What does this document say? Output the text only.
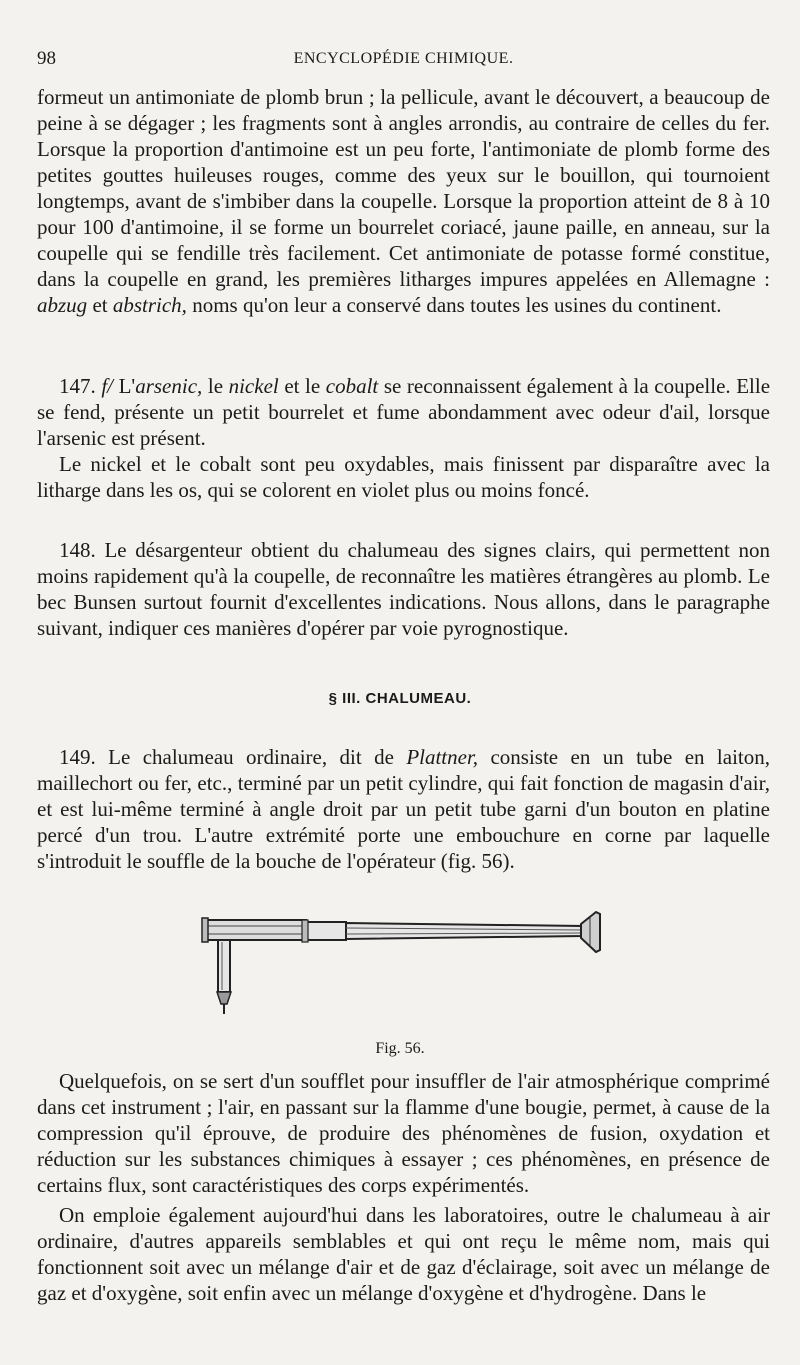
98	ENCYCLOPÉDIE CHIMIQUE.

formeut un antimoniate de plomb brun ; la pellicule, avant le découvert, a beaucoup de peine à se dégager ; les fragments sont à angles arrondis, au contraire de celles du fer. Lorsque la proportion d'antimoine est un peu forte, l'antimoniate de plomb forme des petites gouttes huileuses rouges, comme des yeux sur le bouillon, qui tournoient longtemps, avant de s'imbiber dans la coupelle. Lorsque la proportion atteint de 8 à 10 pour 100 d'antimoine, il se forme un bourrelet coriacé, jaune paille, en anneau, sur la coupelle qui se fendille très facilement. Cet antimoniate de potasse formé constitue, dans la coupelle en grand, les premières litharges impures appelées en Allemagne : abzug et abstrich, noms qu'on leur a conservé dans toutes les usines du continent.

147. f/ L'arsenic, le nickel et le cobalt se reconnaissent également à la coupelle. Elle se fend, présente un petit bourrelet et fume abondamment avec odeur d'ail, lorsque l'arsenic est présent.

Le nickel et le cobalt sont peu oxydables, mais finissent par disparaître avec la litharge dans les os, qui se colorent en violet plus ou moins foncé.

148. Le désargenteur obtient du chalumeau des signes clairs, qui permettent non moins rapidement qu'à la coupelle, de reconnaître les matières étrangères au plomb. Le bec Bunsen surtout fournit d'excellentes indications. Nous allons, dans le paragraphe suivant, indiquer ces manières d'opérer par voie pyrognostique.

§ III. CHALUMEAU.

149. Le chalumeau ordinaire, dit de Plattner, consiste en un tube en laiton, maillechort ou fer, etc., terminé par un petit cylindre, qui fait fonction de magasin d'air, et est lui-même terminé à angle droit par un petit tube garni d'un bouton en platine percé d'un trou. L'autre extrémité porte une embouchure en corne par laquelle s'introduit le souffle de la bouche de l'opérateur (fig. 56).

Fig. 56.

Quelquefois, on se sert d'un soufflet pour insuffler de l'air atmosphérique comprimé dans cet instrument ; l'air, en passant sur la flamme d'une bougie, permet, à cause de la compression qu'il éprouve, de produire des phénomènes de fusion, oxydation et réduction sur les substances chimiques à essayer ; ces phénomènes, en présence de certains flux, sont caractéristiques des corps expérimentés.

On emploie également aujourd'hui dans les laboratoires, outre le chalumeau à air ordinaire, d'autres appareils semblables et qui ont reçu le même nom, mais qui fonctionnent soit avec un mélange d'air et de gaz d'éclairage, soit avec un mélange de gaz et d'oxygène, soit enfin avec un mélange d'oxygène et d'hydrogène. Dans le
